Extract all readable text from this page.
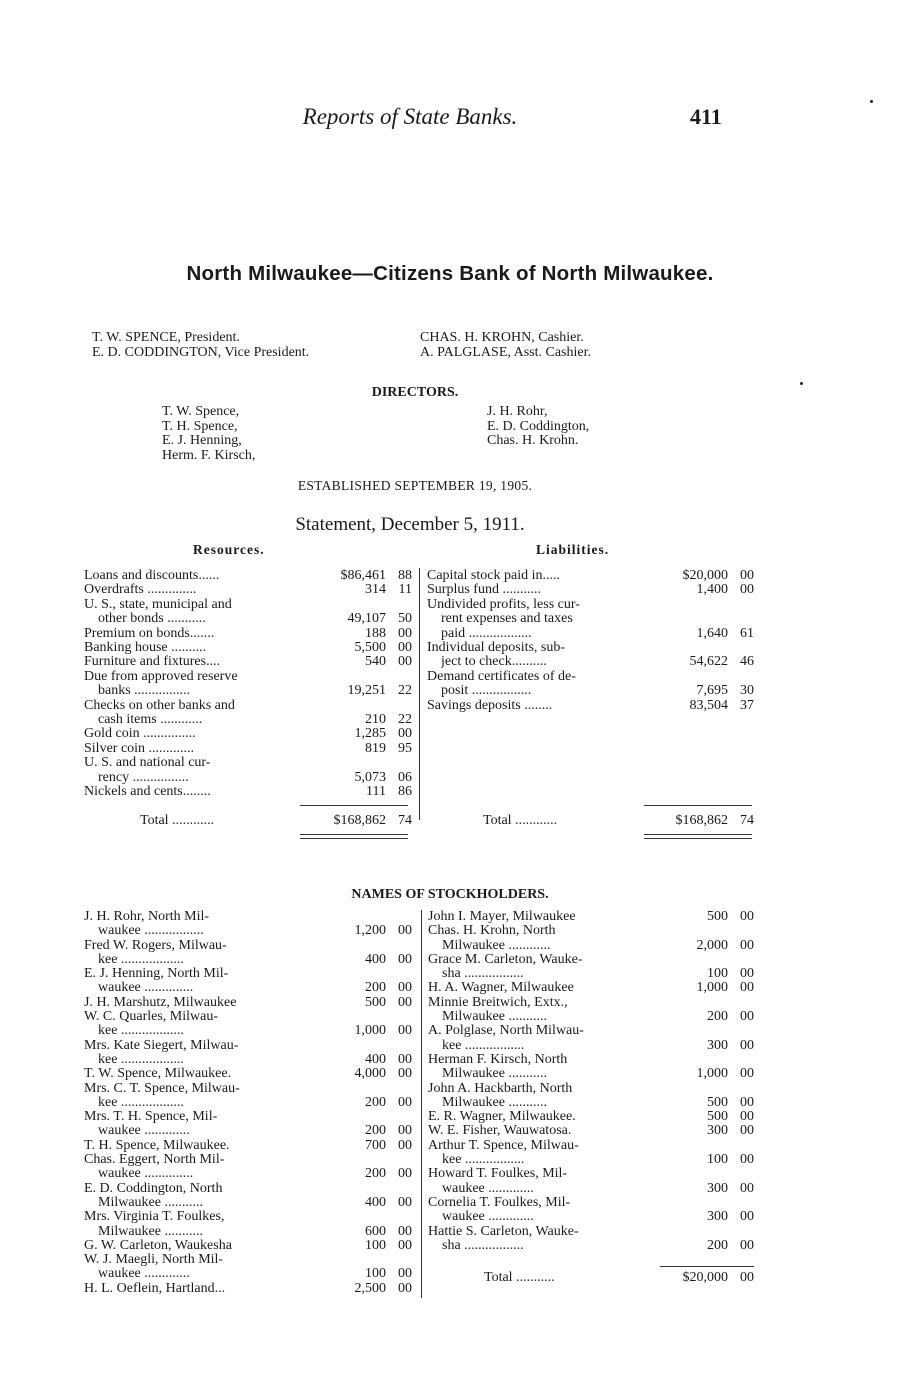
Reports of State Banks.	411
North Milwaukee—Citizens Bank of North Milwaukee.
T. W. SPENCE, President.
E. D. CODDINGTON, Vice President.
CHAS. H. KROHN, Cashier.
A. PALGLASE, Asst. Cashier.
DIRECTORS.
T. W. Spence,
T. H. Spence,
E. J. Henning,
Herm. F. Kirsch,
J. H. Rohr,
E. D. Coddington,
Chas. H. Krohn.
ESTABLISHED SEPTEMBER 19, 1905.
Statement, December 5, 1911.
Resources.	Liabilities.
Loans and discounts......	$86,461 88
Overdrafts ..............	314 11
U. S., state, municipal and
other bonds ...........	49,107 50
Premium on bonds.......	188 00
Banking house ..........	5,500 00
Furniture and fixtures....	540 00
Due from approved reserve
banks ................	19,251 22
Checks on other banks and
cash items ............	210 22
Gold coin ...............	1,285 00
Silver coin .............	819 95
U. S. and national cur-
rency ................	5,073 06
Nickels and cents........	111 86
Total ............	$168,862 74
Capital stock paid in.....	$20,000 00
Surplus fund ...........	1,400 00
Undivided profits, less cur-
rent expenses and taxes
paid ..................	1,640 61
Individual deposits, sub-
ject to check..........	54,622 46
Demand certificates of de-
posit .................	7,695 30
Savings deposits ........	83,504 37
Total ............	$168,862 74
NAMES OF STOCKHOLDERS.
J. H. Rohr, North Mil-
waukee .................	1,200 00
Fred W. Rogers, Milwau-
kee ..................	400 00
E. J. Henning, North Mil-
waukee ..............	200 00
J. H. Marshutz, Milwaukee	500 00
W. C. Quarles, Milwau-
kee ..................	1,000 00
Mrs. Kate Siegert, Milwau-
kee ..................	400 00
T. W. Spence, Milwaukee.	4,000 00
Mrs. C. T. Spence, Milwau-
kee ..................	200 00
Mrs. T. H. Spence, Mil-
waukee .............	200 00
T. H. Spence, Milwaukee.	700 00
Chas. Eggert, North Mil-
waukee ..............	200 00
E. D. Coddington, North
Milwaukee ...........	400 00
Mrs. Virginia T. Foulkes,
Milwaukee ...........	600 00
G. W. Carleton, Waukesha	100 00
W. J. Maegli, North Mil-
waukee .............	100 00
H. L. Oeflein, Hartland...	2,500 00
John I. Mayer, Milwaukee	500 00
Chas. H. Krohn, North
Milwaukee ............	2,000 00
Grace M. Carleton, Wauke-
sha .................	100 00
H. A. Wagner, Milwaukee	1,000 00
Minnie Breitwich, Extx.,
Milwaukee ...........	200 00
A. Polglase, North Milwau-
kee .................	300 00
Herman F. Kirsch, North
Milwaukee ...........	1,000 00
John A. Hackbarth, North
Milwaukee ...........	500 00
E. R. Wagner, Milwaukee.	500 00
W. E. Fisher, Wauwatosa.	300 00
Arthur T. Spence, Milwau-
kee .................	100 00
Howard T. Foulkes, Mil-
waukee .............	300 00
Cornelia T. Foulkes, Mil-
waukee .............	300 00
Hattie S. Carleton, Wauke-
sha .................	200 00
Total ...........	$20,000 00
